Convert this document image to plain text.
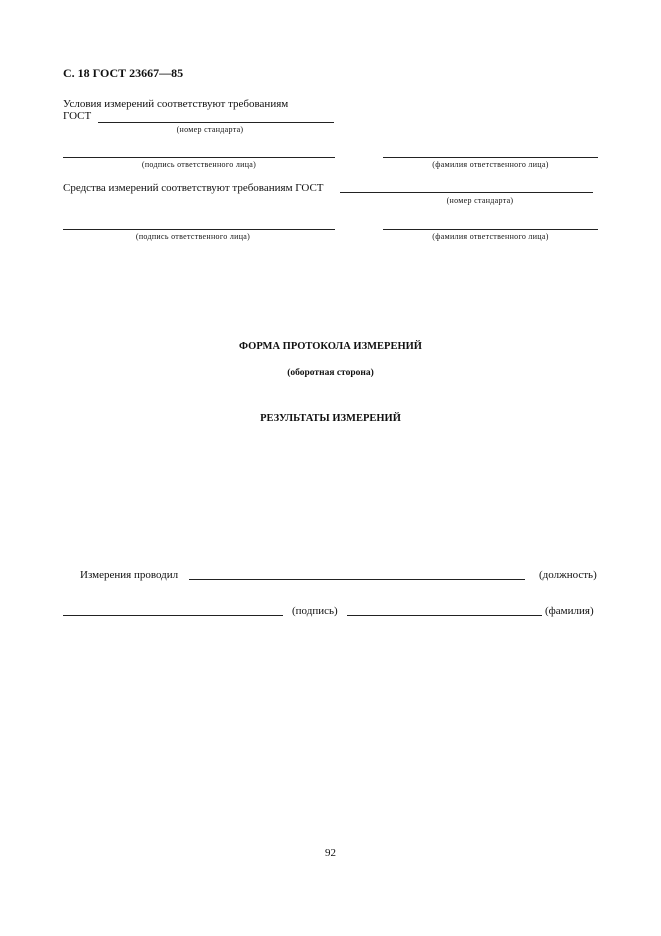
С. 18 ГОСТ 23667—85
Условия измерений соответствуют требованиям
ГОСТ
(номер стандарта)
(подпись ответственного лица)	(фамилия ответственного лица)
Средства измерений соответствуют требованиям ГОСТ
(номер стандарта)
(подпись ответственного лица)	(фамилия ответственного лица)
ФОРМА ПРОТОКОЛА ИЗМЕРЕНИЙ
(оборотная сторона)
РЕЗУЛЬТАТЫ ИЗМЕРЕНИЙ
Измерения проводил	(должность)
(подпись)	(фамилия)
92
